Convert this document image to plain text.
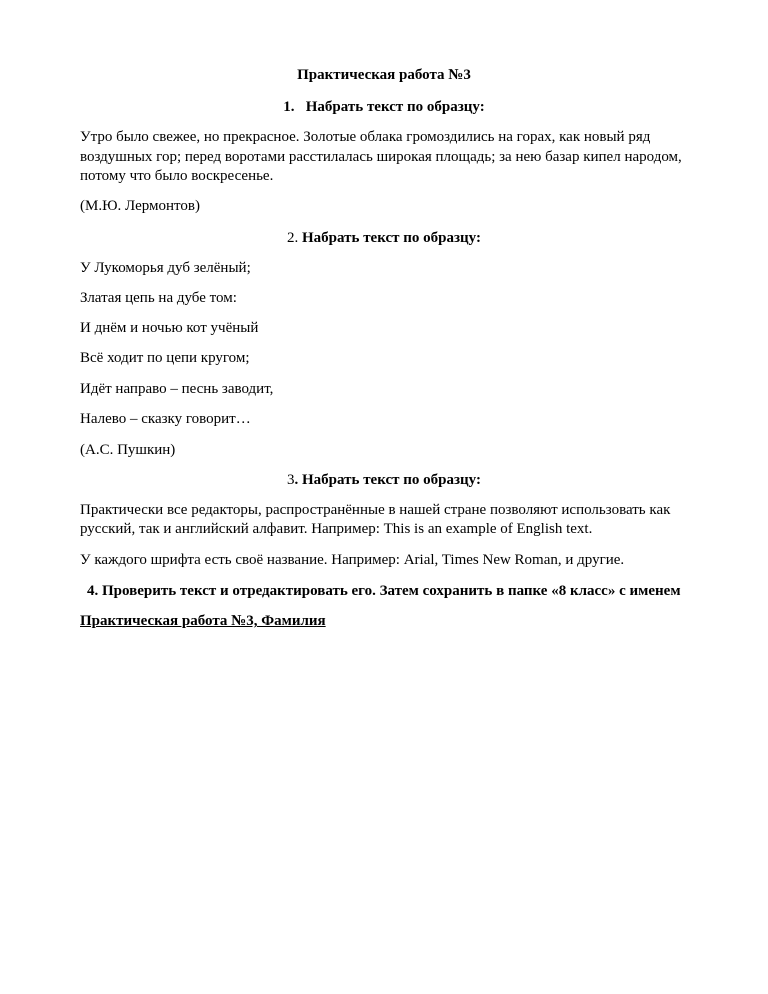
Практическая работа №3
1. Набрать текст по образцу:
Утро было свежее, но прекрасное. Золотые облака громоздились на горах, как новый ряд
воздушных гор; перед воротами расстилалась широкая площадь; за нею базар кипел народом,
потому что было воскресенье.
(М.Ю. Лермонтов)
2. Набрать текст по образцу:
У Лукоморья дуб зелёный;
Златая цепь на дубе том:
И днём и ночью кот учёный
Всё ходит по цепи кругом;
Идёт направо – песнь заводит,
Налево – сказку говорит…
(А.С. Пушкин)
3. Набрать текст по образцу:
Практически все редакторы, распространённые в нашей стране позволяют использовать как
русский, так и английский алфавит. Например: This is an example of English text.
У каждого шрифта есть своё название. Например: Arial, Times New Roman, и другие.
4. Проверить текст и отредактировать его. Затем сохранить в папке «8 класс» с именем
Практическая работа №3, Фамилия
